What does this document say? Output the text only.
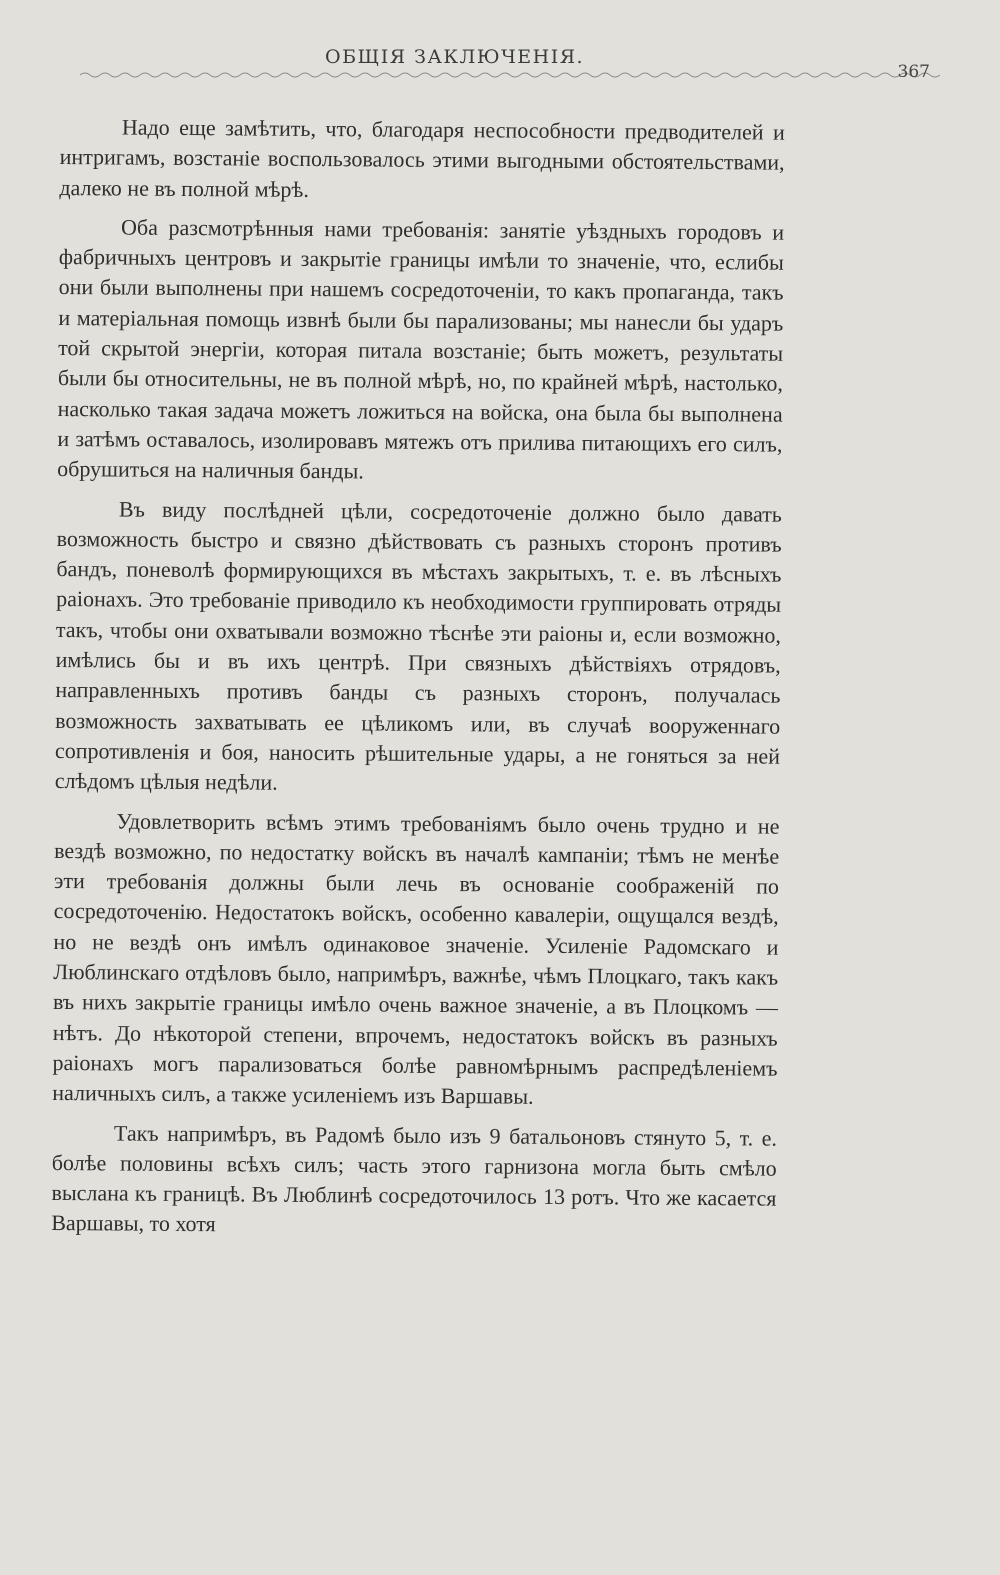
ОБЩІЯ ЗАКЛЮЧЕНІЯ.
367

Надо еще замѣтить, что, благодаря неспособности предводителей и интригамъ, возстаніе воспользовалось этими выгодными обстоятельствами, далеко не въ полной мѣрѣ.

Оба разсмотрѣнныя нами требованія: занятіе уѣздныхъ городовъ и фабричныхъ центровъ и закрытіе границы имѣли то значеніе, что, еслибы они были выполнены при нашемъ сосредоточеніи, то какъ пропаганда, такъ и матеріальная помощь извнѣ были бы парализованы; мы нанесли бы ударъ той скрытой энергіи, которая питала возстаніе; быть можетъ, результаты были бы относительны, не въ полной мѣрѣ, но, по крайней мѣрѣ, настолько, насколько такая задача можетъ ложиться на войска, она была бы выполнена и затѣмъ оставалось, изолировавъ мятежъ отъ прилива питающихъ его силъ, обрушиться на наличныя банды.

Въ виду послѣдней цѣли, сосредоточеніе должно было давать возможность быстро и связно дѣйствовать съ разныхъ сторонъ противъ бандъ, поневолѣ формирующихся въ мѣстахъ закрытыхъ, т. е. въ лѣсныхъ раіонахъ. Это требованіе приводило къ необходимости группировать отряды такъ, чтобы они охватывали возможно тѣснѣе эти раіоны и, если возможно, имѣлись бы и въ ихъ центрѣ. При связныхъ дѣйствіяхъ отрядовъ, направленныхъ противъ банды съ разныхъ сторонъ, получалась возможность захватывать ее цѣликомъ или, въ случаѣ вооруженнаго сопротивленія и боя, наносить рѣшительные удары, а не гоняться за ней слѣдомъ цѣлыя недѣли.

Удовлетворить всѣмъ этимъ требованіямъ было очень трудно и не вездѣ возможно, по недостатку войскъ въ началѣ кампаніи; тѣмъ не менѣе эти требованія должны были лечь въ основаніе соображеній по сосредоточенію. Недостатокъ войскъ, особенно кавалеріи, ощущался вездѣ, но не вездѣ онъ имѣлъ одинаковое значеніе. Усиленіе Радомскаго и Люблинскаго отдѣловъ было, напримѣръ, важнѣе, чѣмъ Плоцкаго, такъ какъ въ нихъ закрытіе границы имѣло очень важное значеніе, а въ Плоцкомъ — нѣтъ. До нѣкоторой степени, впрочемъ, недостатокъ войскъ въ разныхъ раіонахъ могъ парализоваться болѣе равномѣрнымъ распредѣленіемъ наличныхъ силъ, а также усиленіемъ изъ Варшавы.

Такъ напримѣръ, въ Радомѣ было изъ 9 батальоновъ стянуто 5, т. е. болѣе половины всѣхъ силъ; часть этого гарнизона могла быть смѣло выслана къ границѣ. Въ Люблинѣ сосредоточилось 13 ротъ. Что же касается Варшавы, то хотя
